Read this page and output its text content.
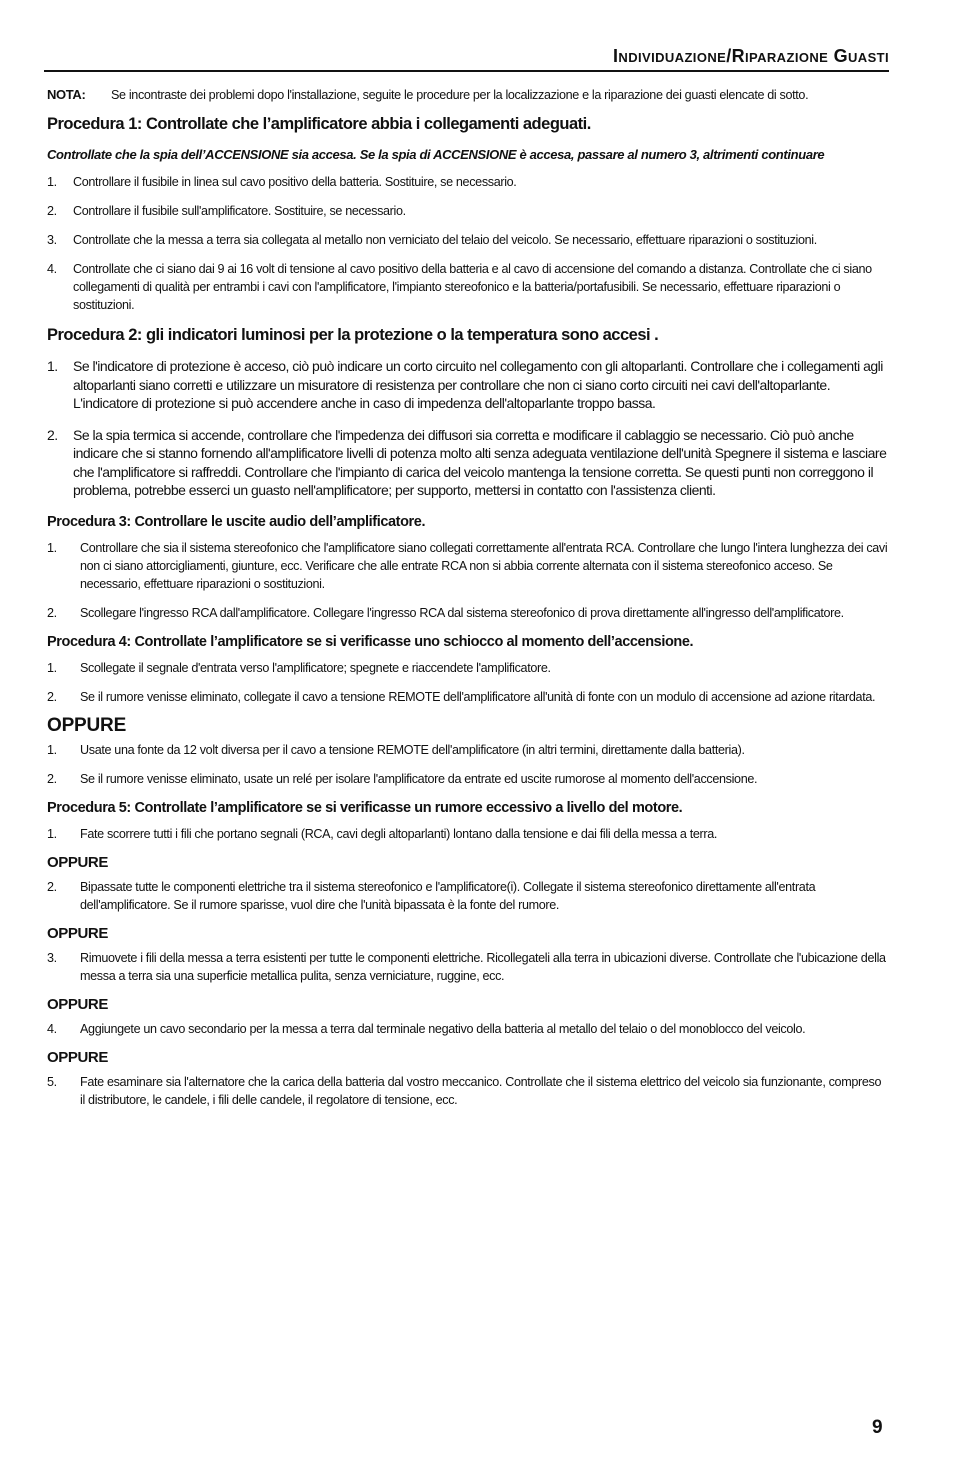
Individuazione/Riparazione Guasti
NOTA:	Se incontraste dei problemi dopo l'installazione, seguite le procedure per la localizzazione e la riparazione dei guasti elencate di sotto.
Procedura 1: Controllate che l’amplificatore abbia i collegamenti adeguati.

Controllate che la spia dell’ACCENSIONE sia accesa. Se la spia di ACCENSIONE è accesa, passare al numero 3, altrimenti continuare

1.	Controllare il fusibile in linea sul cavo positivo della batteria. Sostituire, se necessario.
2.	Controllare il fusibile sull'amplificatore. Sostituire, se necessario.
3.	Controllate che la messa a terra sia collegata al metallo non verniciato del telaio del veicolo. Se necessario, effettuare riparazioni o sostituzioni.
4.	Controllate che ci siano dai 9 ai 16 volt di tensione al cavo positivo della batteria e al cavo di accensione del comando a distanza. Controllate che ci siano collegamenti di qualità per entrambi i cavi con l'amplificatore, l'impianto stereofonico e la batteria/portafusibili. Se necessario, effettuare riparazioni o sostituzioni.
Procedura 2: gli indicatori luminosi per la protezione o la temperatura sono accesi .
1.	Se l'indicatore di protezione è acceso, ciò può indicare un corto circuito nel collegamento con gli altoparlanti. Controllare che i collegamenti agli altoparlanti siano corretti e utilizzare un misuratore di resistenza per controllare che non ci siano corto circuiti nei cavi dell'altoparlante. L'indicatore di protezione si può accendere anche in caso di impedenza dell'altoparlante troppo bassa.
2.	Se la spia termica si accende, controllare che l'impedenza dei diffusori sia corretta e modificare il cablaggio se necessario. Ciò può anche indicare che si stanno fornendo all'amplificatore livelli di potenza molto alti senza adeguata ventilazione dell'unità Spegnere il sistema e lasciare che l'amplificatore si raffreddi. Controllare che l'impianto di carica del veicolo mantenga la tensione corretta. Se questi punti non correggono il problema, potrebbe esserci un guasto nell'amplificatore; per supporto, mettersi in contatto con l'assistenza clienti.
Procedura 3: Controllare le uscite audio dell’amplificatore.
1.	Controllare che sia il sistema stereofonico che l'amplificatore siano collegati correttamente all'entrata RCA. Controllare che lungo l'intera lunghezza dei cavi non ci siano attorcigliamenti, giunture, ecc. Verificare che alle entrate RCA non si abbia corrente alternata con il sistema stereofonico acceso. Se necessario, effettuare riparazioni o sostituzioni.
2.	Scollegare l'ingresso RCA dall'amplificatore. Collegare l'ingresso RCA dal sistema stereofonico di prova direttamente all'ingresso dell'amplificatore.
Procedura 4: Controllate l’amplificatore se si verificasse uno schiocco al momento dell’accensione.
1.	Scollegate il segnale d'entrata verso l'amplificatore; spegnete e riaccendete l'amplificatore.
2.	Se il rumore venisse eliminato, collegate il cavo a tensione REMOTE dell'amplificatore all'unità di fonte con un modulo di accensione ad azione ritardata.
OPPURE
1.	Usate una fonte da 12 volt diversa per il cavo a tensione REMOTE dell'amplificatore (in altri termini, direttamente dalla batteria).
2.	Se il rumore venisse eliminato, usate un relé per isolare l'amplificatore da entrate ed uscite rumorose al momento dell'accensione.
Procedura 5: Controllate l’amplificatore se si verificasse un rumore eccessivo a livello del motore.
1.	Fate scorrere tutti i fili che portano segnali (RCA, cavi degli altoparlanti) lontano dalla tensione e dai fili della messa a terra.
OPPURE
2.	Bipassate tutte le componenti elettriche tra il sistema stereofonico e l'amplificatore(i). Collegate il sistema stereofonico direttamente all'entrata dell'amplificatore. Se il rumore sparisse, vuol dire che l'unità bipassata è la fonte del rumore.
OPPURE
3.	Rimuovete i fili della messa a terra esistenti per tutte le componenti elettriche. Ricollegateli alla terra in ubicazioni diverse. Controllate che l'ubicazione della messa a terra sia una superficie metallica pulita, senza verniciature, ruggine, ecc.
OPPURE
4.	Aggiungete un cavo secondario per la messa a terra dal terminale negativo della batteria al metallo del telaio o del monoblocco del veicolo.
OPPURE
5.	Fate esaminare sia l'alternatore che la carica della batteria dal vostro meccanico. Controllate che il sistema elettrico del veicolo sia funzionante, compreso il distributore, le candele, i fili delle candele, il regolatore di tensione, ecc.
9
